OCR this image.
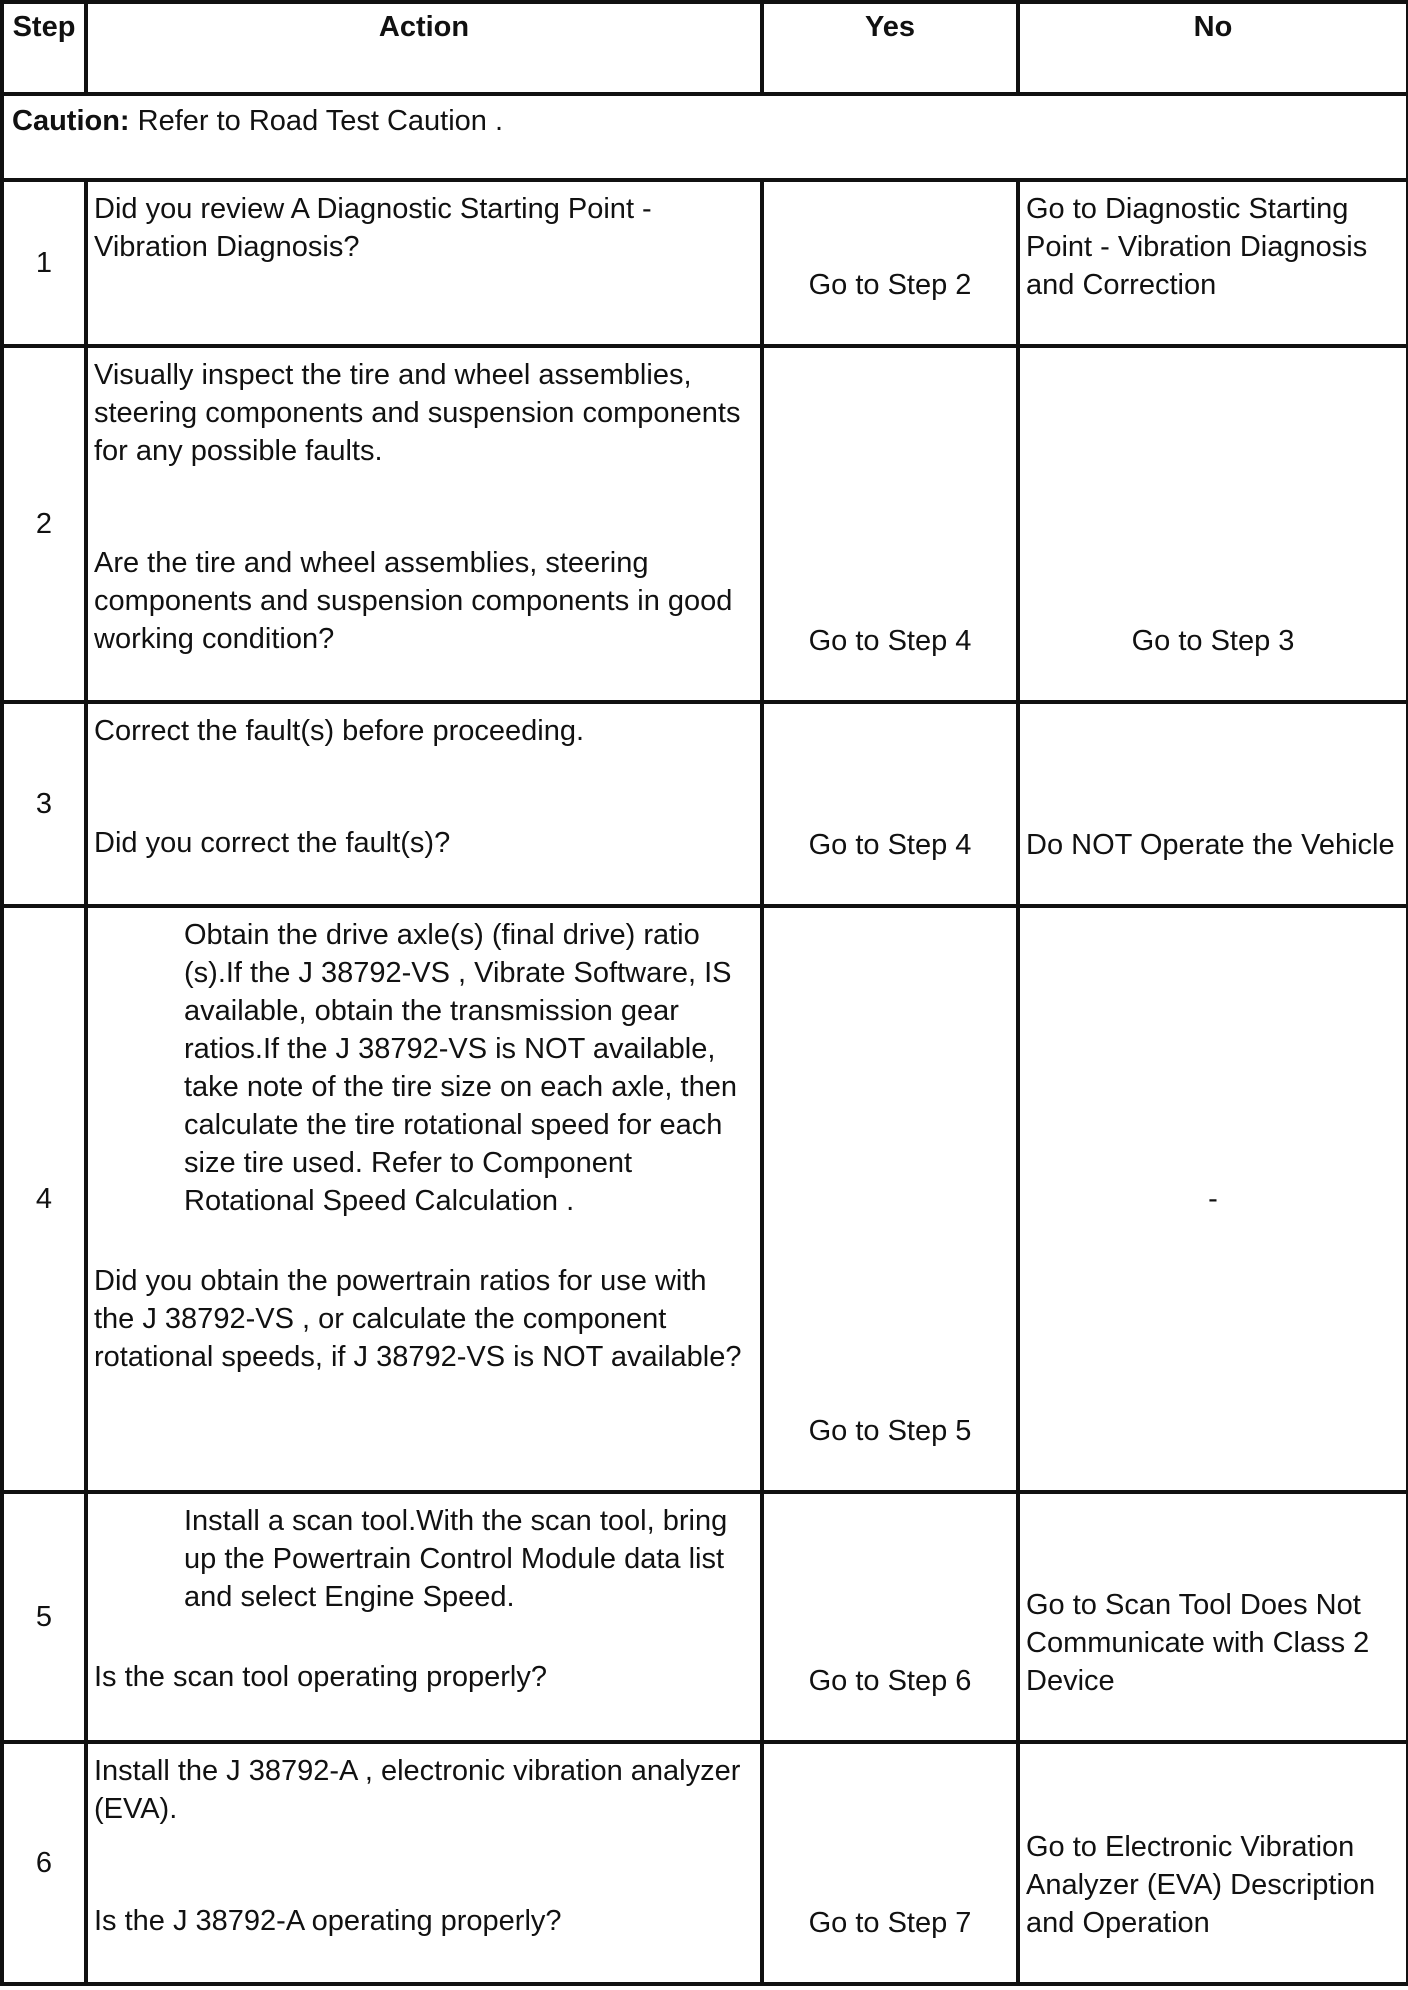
Step	Action	Yes	No
Caution: Refer to Road Test Caution .			
1	Did you review A Diagnostic Starting Point - Vibration Diagnosis?	Go to Step 2	Go to Diagnostic Starting Point - Vibration Diagnosis and Correction
2	Visually inspect the tire and wheel assemblies, steering components and suspension components for any possible faults.

Are the tire and wheel assemblies, steering components and suspension components in good working condition?	Go to Step 4	Go to Step 3
3	Correct the fault(s) before proceeding.

Did you correct the fault(s)?	Go to Step 4	Do NOT Operate the Vehicle
4	Obtain the drive axle(s) (final drive) ratio (s).If the J 38792-VS , Vibrate Software, IS available, obtain the transmission gear ratios.If the J 38792-VS is NOT available, take note of the tire size on each axle, then calculate the tire rotational speed for each size tire used. Refer to Component Rotational Speed Calculation .

Did you obtain the powertrain ratios for use with the J 38792-VS , or calculate the component rotational speeds, if J 38792-VS is NOT available?	Go to Step 5	-
5	Install a scan tool.With the scan tool, bring up the Powertrain Control Module data list and select Engine Speed.

Is the scan tool operating properly?	Go to Step 6	Go to Scan Tool Does Not Communicate with Class 2 Device
6	Install the J 38792-A , electronic vibration analyzer (EVA).

Is the J 38792-A operating properly?	Go to Step 7	Go to Electronic Vibration Analyzer (EVA) Description and Operation
